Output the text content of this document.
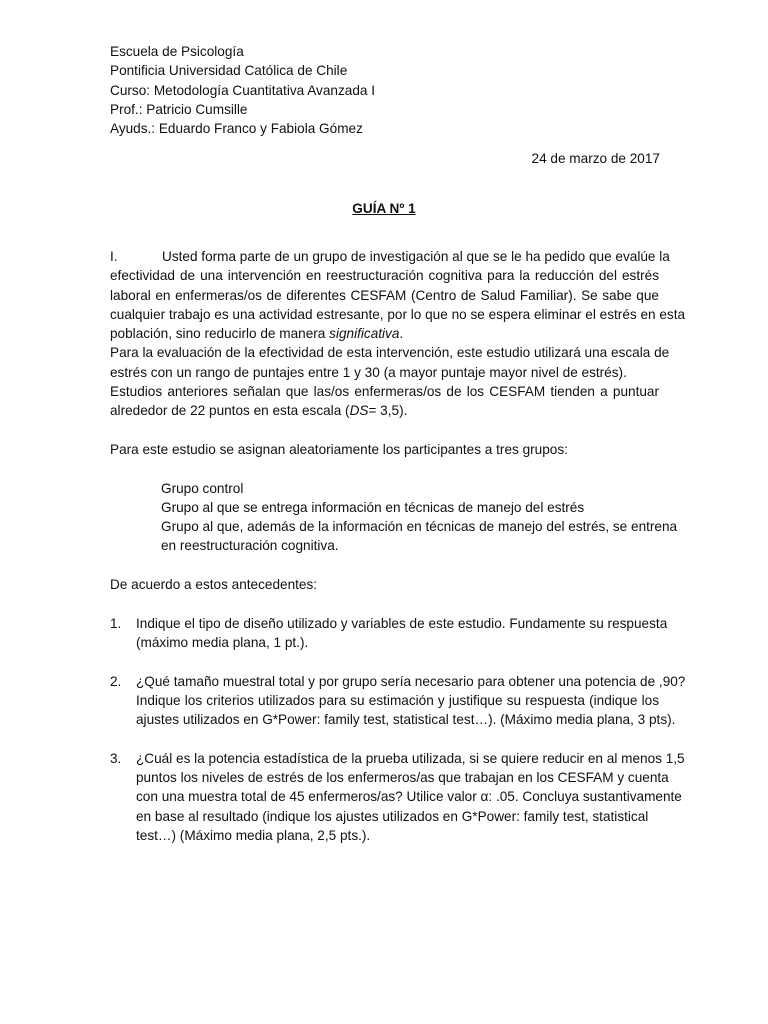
Escuela de Psicología
Pontificia Universidad Católica de Chile
Curso: Metodología Cuantitativa Avanzada I
Prof.: Patricio Cumsille
Ayuds.: Eduardo Franco y Fabiola Gómez
24 de marzo de 2017
GUÍA Nº 1
I.	Usted forma parte de un grupo de investigación al que se le ha pedido que evalúe la
efectividad de una intervención en reestructuración cognitiva para la reducción del estrés
laboral en enfermeras/os de diferentes CESFAM (Centro de Salud Familiar). Se sabe que
cualquier trabajo es una actividad estresante, por lo que no se espera eliminar el estrés en esta
población, sino reducirlo de manera significativa.
Para la evaluación de la efectividad de esta intervención, este estudio utilizará una escala de
estrés con un rango de puntajes entre 1 y 30 (a mayor puntaje mayor nivel de estrés).
Estudios anteriores señalan que las/os enfermeras/os de los CESFAM tienden a puntuar
alrededor de 22 puntos en esta escala (DS= 3,5).
Para este estudio se asignan aleatoriamente los participantes a tres grupos:
Grupo control
Grupo al que se entrega información en técnicas de manejo del estrés
Grupo al que, además de la información en técnicas de manejo del estrés, se entrena
en reestructuración cognitiva.
De acuerdo a estos antecedentes:
1. Indique el tipo de diseño utilizado y variables de este estudio. Fundamente su respuesta
(máximo media plana, 1 pt.).
2. ¿Qué tamaño muestral total y por grupo sería necesario para obtener una potencia de ,90?
Indique los criterios utilizados para su estimación y justifique su respuesta (indique los
ajustes utilizados en G*Power: family test, statistical test…). (Máximo media plana, 3 pts).
3. ¿Cuál es la potencia estadística de la prueba utilizada, si se quiere reducir en al menos 1,5
puntos los niveles de estrés de los enfermeros/as que trabajan en los CESFAM y cuenta
con una muestra total de 45 enfermeros/as? Utilice valor α: .05. Concluya sustantivamente
en base al resultado (indique los ajustes utilizados en G*Power: family test, statistical
test…) (Máximo media plana, 2,5 pts.).
